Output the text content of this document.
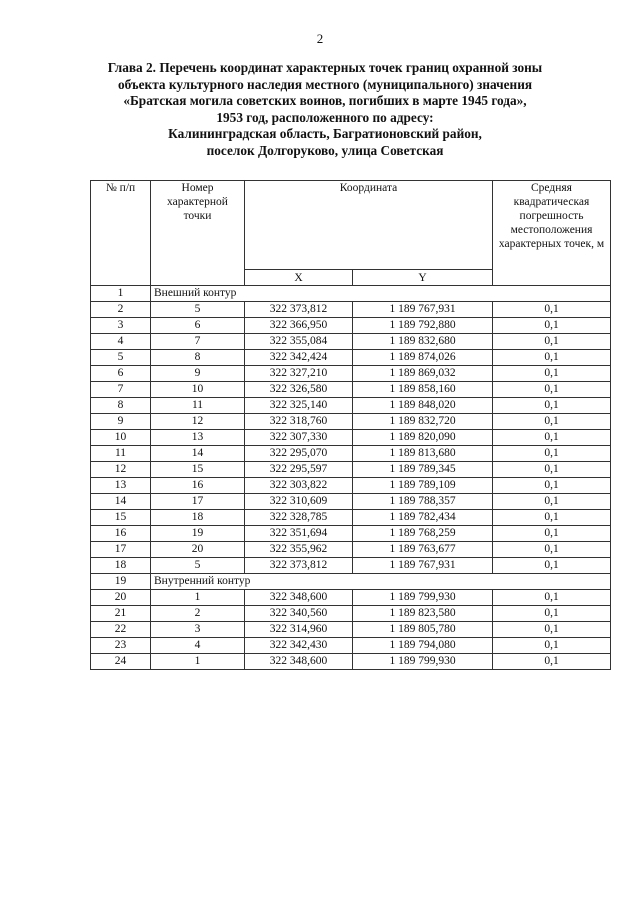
2
Глава 2. Перечень координат характерных точек границ охранной зоны
объекта культурного наследия местного (муниципального) значения
«Братская могила советских воинов, погибших в марте 1945 года»,
1953 год, расположенного по адресу:
Калининградская область, Багратионовский район,
поселок Долгоруково, улица Советская
№ п/п	Номер характерной точки	Координата		Средняя квадратическая погрешность местоположения характерных точек, м
		X	Y	
1	Внешний контур			
2	5	322 373,812	1 189 767,931	0,1
3	6	322 366,950	1 189 792,880	0,1
4	7	322 355,084	1 189 832,680	0,1
5	8	322 342,424	1 189 874,026	0,1
6	9	322 327,210	1 189 869,032	0,1
7	10	322 326,580	1 189 858,160	0,1
8	11	322 325,140	1 189 848,020	0,1
9	12	322 318,760	1 189 832,720	0,1
10	13	322 307,330	1 189 820,090	0,1
11	14	322 295,070	1 189 813,680	0,1
12	15	322 295,597	1 189 789,345	0,1
13	16	322 303,822	1 189 789,109	0,1
14	17	322 310,609	1 189 788,357	0,1
15	18	322 328,785	1 189 782,434	0,1
16	19	322 351,694	1 189 768,259	0,1
17	20	322 355,962	1 189 763,677	0,1
18	5	322 373,812	1 189 767,931	0,1
19	Внутренний контур			
20	1	322 348,600	1 189 799,930	0,1
21	2	322 340,560	1 189 823,580	0,1
22	3	322 314,960	1 189 805,780	0,1
23	4	322 342,430	1 189 794,080	0,1
24	1	322 348,600	1 189 799,930	0,1
